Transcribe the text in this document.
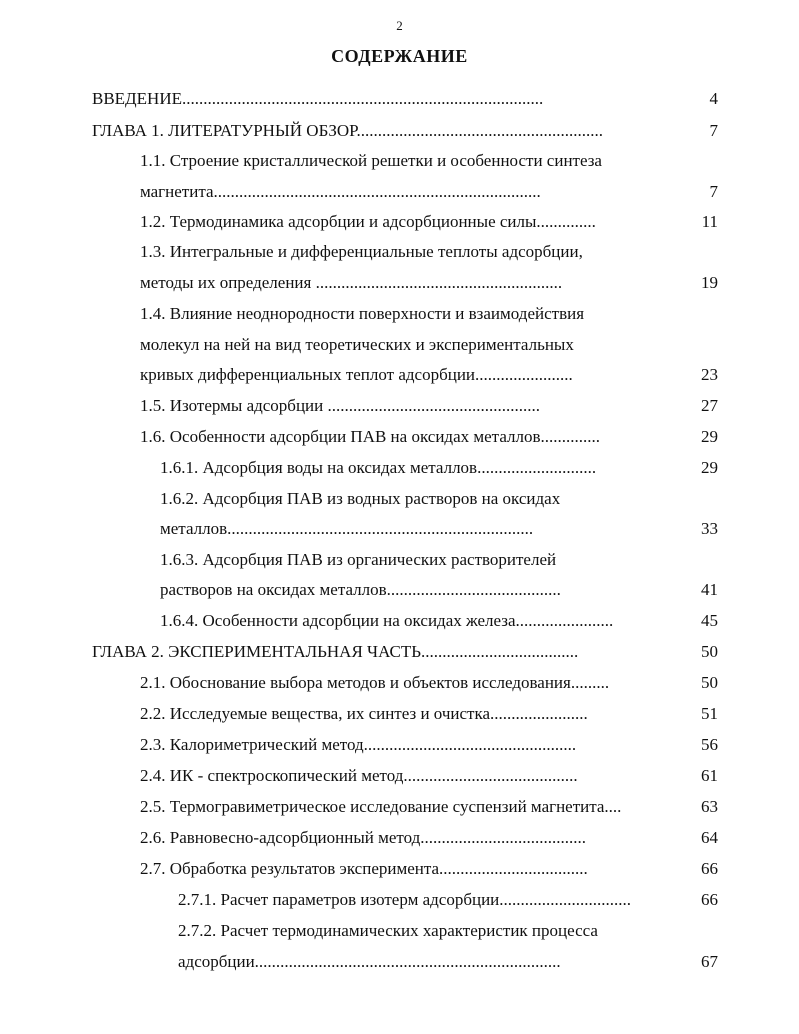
2
СОДЕРЖАНИЕ
ВВЕДЕНИЕ.....................................................................................	4
ГЛАВА 1. ЛИТЕРАТУРНЫЙ ОБЗОР..........................................................	7
1.1. Строение кристаллической решетки и особенности синтеза
магнетита.............................................................................	7
1.2. Термодинамика адсорбции и адсорбционные силы..............	11
1.3. Интегральные и дифференциальные теплоты адсорбции,
методы их определения ..........................................................	19
1.4. Влияние неоднородности поверхности и взаимодействия
молекул на ней на вид теоретических и экспериментальных
кривых дифференциальных теплот адсорбции.......................	23
1.5. Изотермы адсорбции ..................................................	27
1.6. Особенности адсорбции ПАВ на оксидах металлов..............	29
1.6.1. Адсорбция воды на оксидах металлов............................	29
1.6.2. Адсорбция ПАВ из водных растворов на оксидах
металлов........................................................................	33
1.6.3. Адсорбция ПАВ из органических растворителей
растворов на оксидах металлов.........................................	41
1.6.4. Особенности адсорбции на оксидах железа.......................	45
ГЛАВА 2. ЭКСПЕРИМЕНТАЛЬНАЯ ЧАСТЬ.....................................	50
2.1. Обоснование выбора методов и объектов исследования.........	50
2.2. Исследуемые вещества, их синтез и очистка.......................	51
2.3. Калориметрический метод..................................................	56
2.4. ИК - спектроскопический метод.........................................	61
2.5. Термогравиметрическое исследование суспензий магнетита....	63
2.6. Равновесно-адсорбционный метод.......................................	64
2.7. Обработка результатов эксперимента...................................	66
2.7.1. Расчет параметров изотерм адсорбции...............................	66
2.7.2. Расчет термодинамических характеристик процесса
адсорбции........................................................................	67
